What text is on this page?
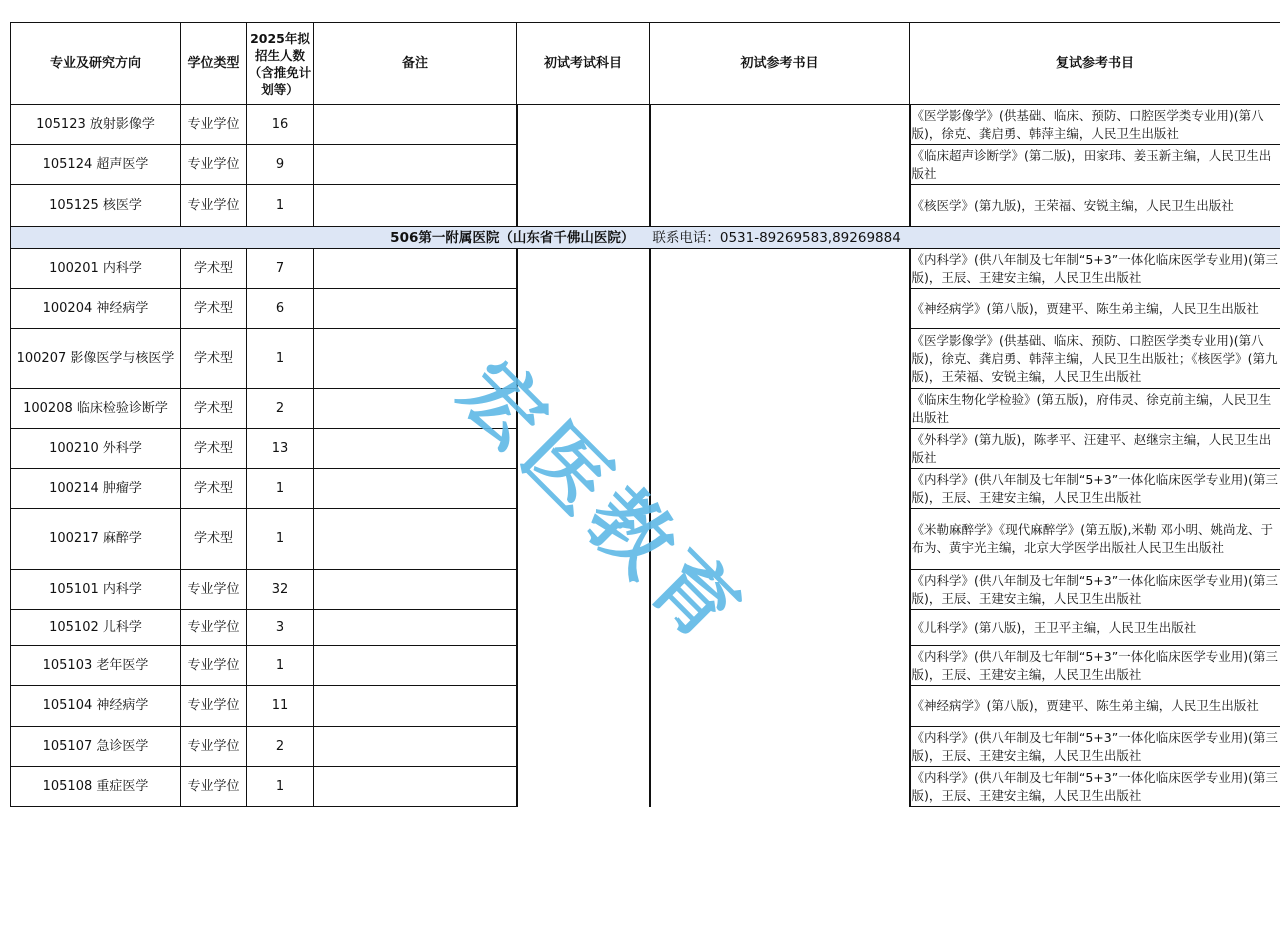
专业及研究方向	学位类型	2025年拟招生人数（含推免计划等）	备注	初试考试科目	初试参考书目	复试参考书目
105123 放射影像学	专业学位	16				《医学影像学》(供基础、临床、预防、口腔医学类专业用)(第八版)，徐克、龚启勇、韩萍主编，人民卫生出版社
105124 超声医学	专业学位	9				《临床超声诊断学》(第二版)，田家玮、姜玉新主编，人民卫生出版社
105125 核医学	专业学位	1				《核医学》(第九版)，王荣福、安锐主编，人民卫生出版社
506第一附属医院（山东省千佛山医院） 联系电话：0531-89269583,89269884						
100201 内科学	学术型	7				《内科学》(供八年制及七年制“5+3”一体化临床医学专业用)(第三版)，王辰、王建安主编，人民卫生出版社
100204 神经病学	学术型	6				《神经病学》(第八版)，贾建平、陈生弟主编，人民卫生出版社
100207 影像医学与核医学	学术型	1				《医学影像学》(供基础、临床、预防、口腔医学类专业用)(第八版)，徐克、龚启勇、韩萍主编，人民卫生出版社；《核医学》(第九版)，王荣福、安锐主编，人民卫生出版社
100208 临床检验诊断学	学术型	2				《临床生物化学检验》(第五版)，府伟灵、徐克前主编，人民卫生出版社
100210 外科学	学术型	13				《外科学》(第九版)，陈孝平、汪建平、赵继宗主编，人民卫生出版社
100214 肿瘤学	学术型	1				《内科学》(供八年制及七年制“5+3”一体化临床医学专业用)(第三版)，王辰、王建安主编，人民卫生出版社
100217 麻醉学	学术型	1				《米勒麻醉学》《现代麻醉学》(第五版),米勒 邓小明、姚尚龙、于布为、黄宇光主编，北京大学医学出版社人民卫生出版社
105101 内科学	专业学位	32				《内科学》(供八年制及七年制“5+3”一体化临床医学专业用)(第三版)，王辰、王建安主编，人民卫生出版社
105102 儿科学	专业学位	3				《儿科学》(第八版)，王卫平主编，人民卫生出版社
105103 老年医学	专业学位	1				《内科学》(供八年制及七年制“5+3”一体化临床医学专业用)(第三版)，王辰、王建安主编，人民卫生出版社
105104 神经病学	专业学位	11				《神经病学》(第八版)，贾建平、陈生弟主编，人民卫生出版社
105107 急诊医学	专业学位	2				《内科学》(供八年制及七年制“5+3”一体化临床医学专业用)(第三版)，王辰、王建安主编，人民卫生出版社
105108 重症医学	专业学位	1				《内科学》(供八年制及七年制“5+3”一体化临床医学专业用)(第三版)，王辰、王建安主编，人民卫生出版社
宏医教育
